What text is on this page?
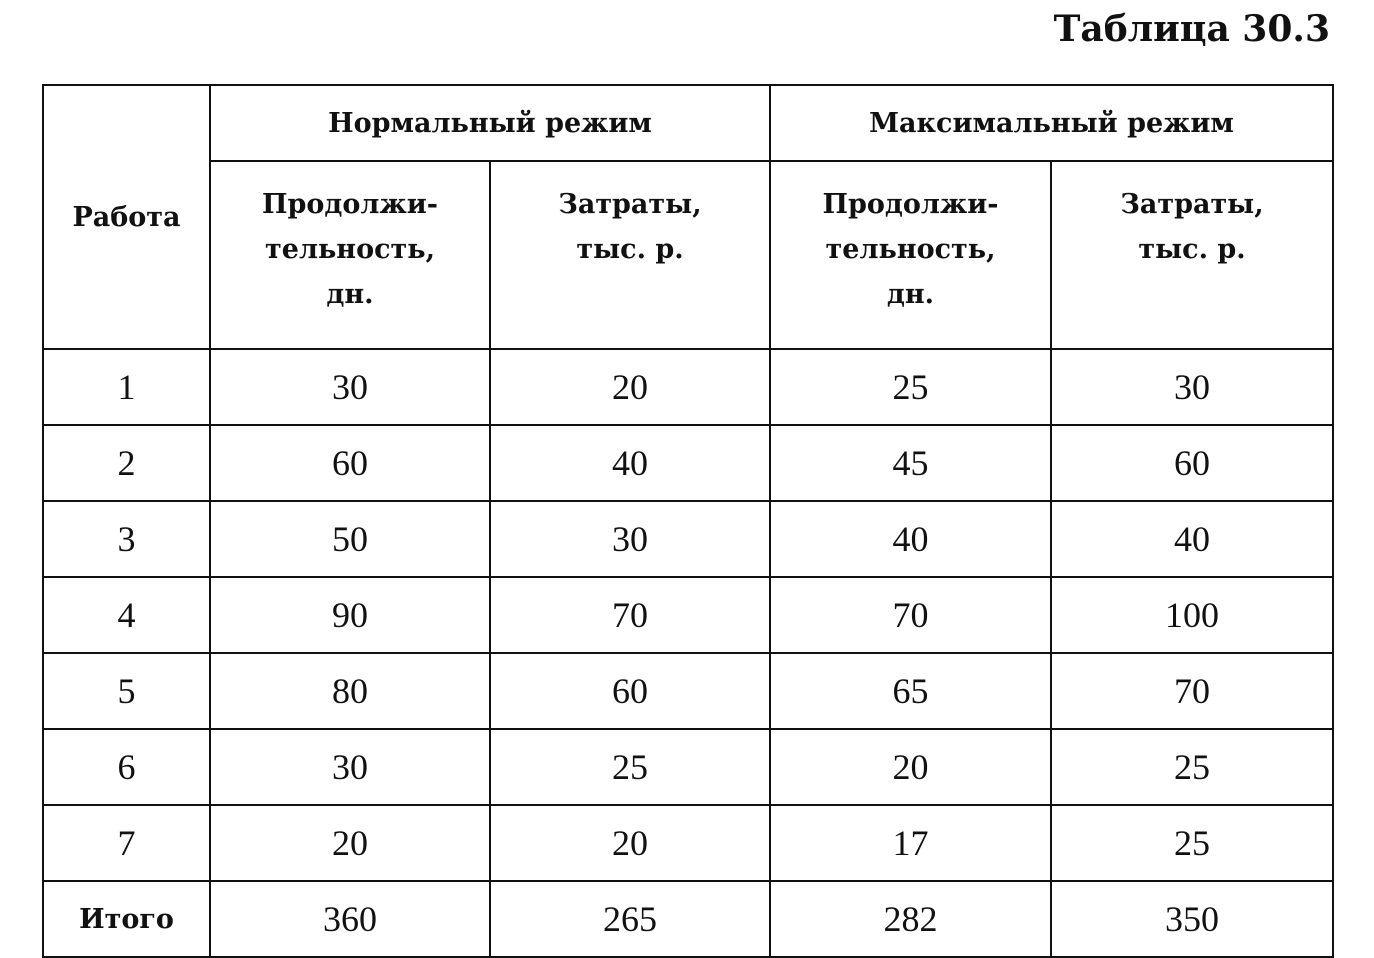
Таблица 30.3
Работа	Нормальный режим		Максимальный режим	

	Продолжи-
тельность,
дн.	Затраты,
тыс. р.	Продолжи-
тельность,
дн.	Затраты,
тыс. р.

1	30	20	25	30
2	60	40	45	60
3	50	30	40	40
4	90	70	70	100
5	80	60	65	70
6	30	25	20	25
7	20	20	17	25
Итого	360	265	282	350
